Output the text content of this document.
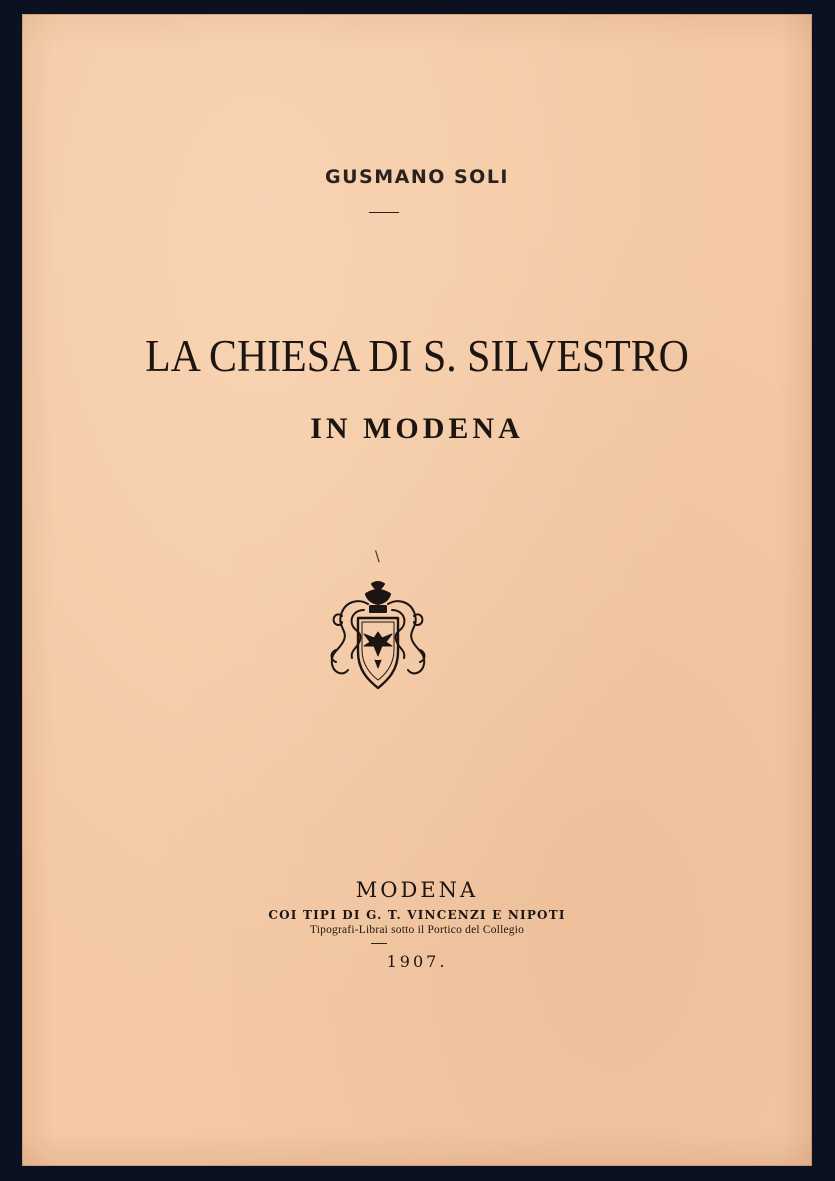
GUSMANO SOLI
LA CHIESA DI S. SILVESTRO
IN MODENA
\
MODENA
COI TIPI DI G. T. VINCENZI E NIPOTI
Tipografi-Librai sotto il Portico del Collegio
1907.
